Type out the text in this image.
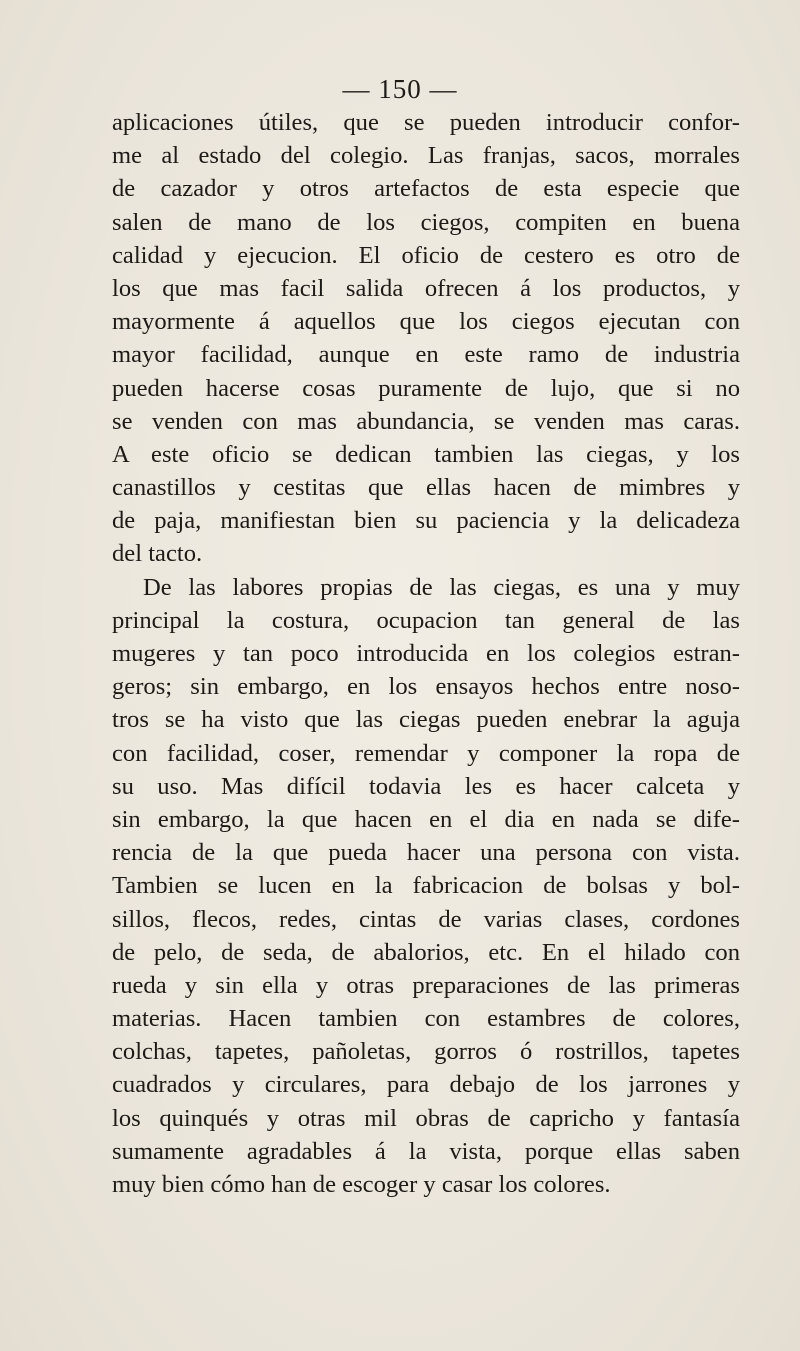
— 150 —
aplicaciones útiles, que se pueden introducir confor-
me al estado del colegio. Las franjas, sacos, morrales
de cazador y otros artefactos de esta especie que
salen de mano de los ciegos, compiten en buena
calidad y ejecucion. El oficio de cestero es otro de
los que mas facil salida ofrecen á los productos, y
mayormente á aquellos que los ciegos ejecutan con
mayor facilidad, aunque en este ramo de industria
pueden hacerse cosas puramente de lujo, que si no
se venden con mas abundancia, se venden mas caras.
A este oficio se dedican tambien las ciegas, y los
canastillos y cestitas que ellas hacen de mimbres y
de paja, manifiestan bien su paciencia y la delicadeza
del tacto.
De las labores propias de las ciegas, es una y muy
principal la costura, ocupacion tan general de las
mugeres y tan poco introducida en los colegios estran-
geros; sin embargo, en los ensayos hechos entre noso-
tros se ha visto que las ciegas pueden enebrar la aguja
con facilidad, coser, remendar y componer la ropa de
su uso. Mas difícil todavia les es hacer calceta y
sin embargo, la que hacen en el dia en nada se dife-
rencia de la que pueda hacer una persona con vista.
Tambien se lucen en la fabricacion de bolsas y bol-
sillos, flecos, redes, cintas de varias clases, cordones
de pelo, de seda, de abalorios, etc. En el hilado con
rueda y sin ella y otras preparaciones de las primeras
materias. Hacen tambien con estambres de colores,
colchas, tapetes, pañoletas, gorros ó rostrillos, tapetes
cuadrados y circulares, para debajo de los jarrones y
los quinqués y otras mil obras de capricho y fantasía
sumamente agradables á la vista, porque ellas saben
muy bien cómo han de escoger y casar los colores.
